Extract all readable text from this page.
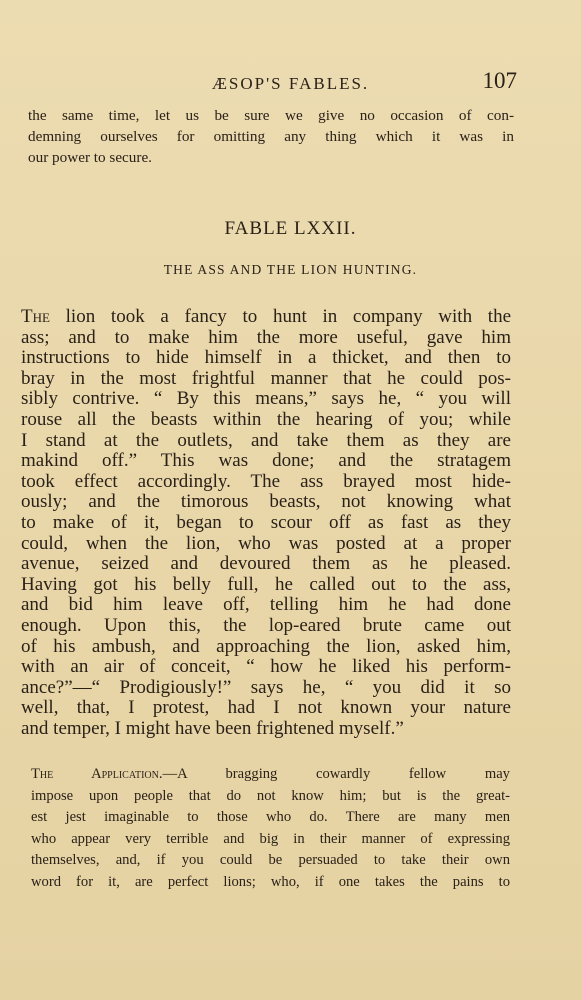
ÆSOP'S FABLES.	107
the same time, let us be sure we give no occasion of con-
demning ourselves for omitting any thing which it was in
our power to secure.
FABLE LXXII.
THE ASS AND THE LION HUNTING.
The lion took a fancy to hunt in company with the
ass; and to make him the more useful, gave him
instructions to hide himself in a thicket, and then to
bray in the most frightful manner that he could pos-
sibly contrive. “ By this means,” says he, “ you will
rouse all the beasts within the hearing of you; while
I stand at the outlets, and take them as they are
makind off.” This was done; and the stratagem
took effect accordingly. The ass brayed most hide-
ously; and the timorous beasts, not knowing what
to make of it, began to scour off as fast as they
could, when the lion, who was posted at a proper
avenue, seized and devoured them as he pleased.
Having got his belly full, he called out to the ass,
and bid him leave off, telling him he had done
enough. Upon this, the lop-eared brute came out
of his ambush, and approaching the lion, asked him,
with an air of conceit, “ how he liked his perform-
ance?”—“ Prodigiously!” says he, “ you did it so
well, that, I protest, had I not known your nature
and temper, I might have been frightened myself.”
The Application.—A bragging cowardly fellow may
impose upon people that do not know him; but is the great-
est jest imaginable to those who do. There are many men
who appear very terrible and big in their manner of expressing
themselves, and, if you could be persuaded to take their own
word for it, are perfect lions; who, if one takes the pains to
